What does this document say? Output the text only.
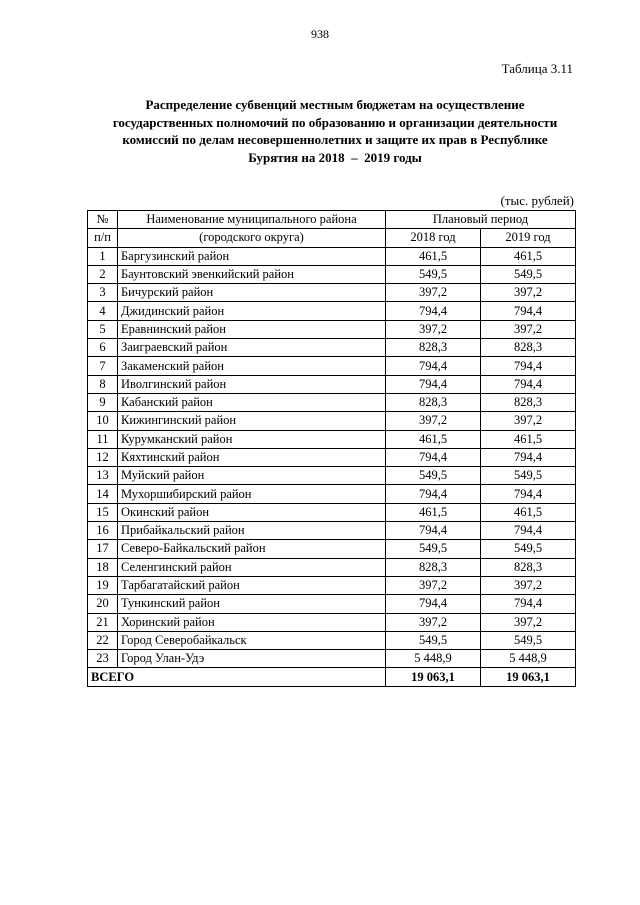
938
Таблица 3.11
Распределение субвенций местным бюджетам на осуществление
государственных полномочий по образованию и организации деятельности
комиссий по делам несовершеннолетних и защите их прав в Республике
Бурятия на 2018  –  2019 годы
(тыс. рублей)
№	Наименование муниципального района	Плановый период	
п/п	(городского округа)	2018 год	2019 год
1	Баргузинский район	461,5	461,5
2	Баунтовский эвенкийский район	549,5	549,5
3	Бичурский район	397,2	397,2
4	Джидинский район	794,4	794,4
5	Еравнинский район	397,2	397,2
6	Заиграевский район	828,3	828,3
7	Закаменский район	794,4	794,4
8	Иволгинский район	794,4	794,4
9	Кабанский район	828,3	828,3
10	Кижингинский район	397,2	397,2
11	Курумканский район	461,5	461,5
12	Кяхтинский район	794,4	794,4
13	Муйский район	549,5	549,5
14	Мухоршибирский район	794,4	794,4
15	Окинский район	461,5	461,5
16	Прибайкальский район	794,4	794,4
17	Северо-Байкальский район	549,5	549,5
18	Селенгинский район	828,3	828,3
19	Тарбагатайский район	397,2	397,2
20	Тункинский район	794,4	794,4
21	Хоринский район	397,2	397,2
22	Город Северобайкальск	549,5	549,5
23	Город Улан-Удэ	5 448,9	5 448,9
ВСЕГО		19 063,1	19 063,1
